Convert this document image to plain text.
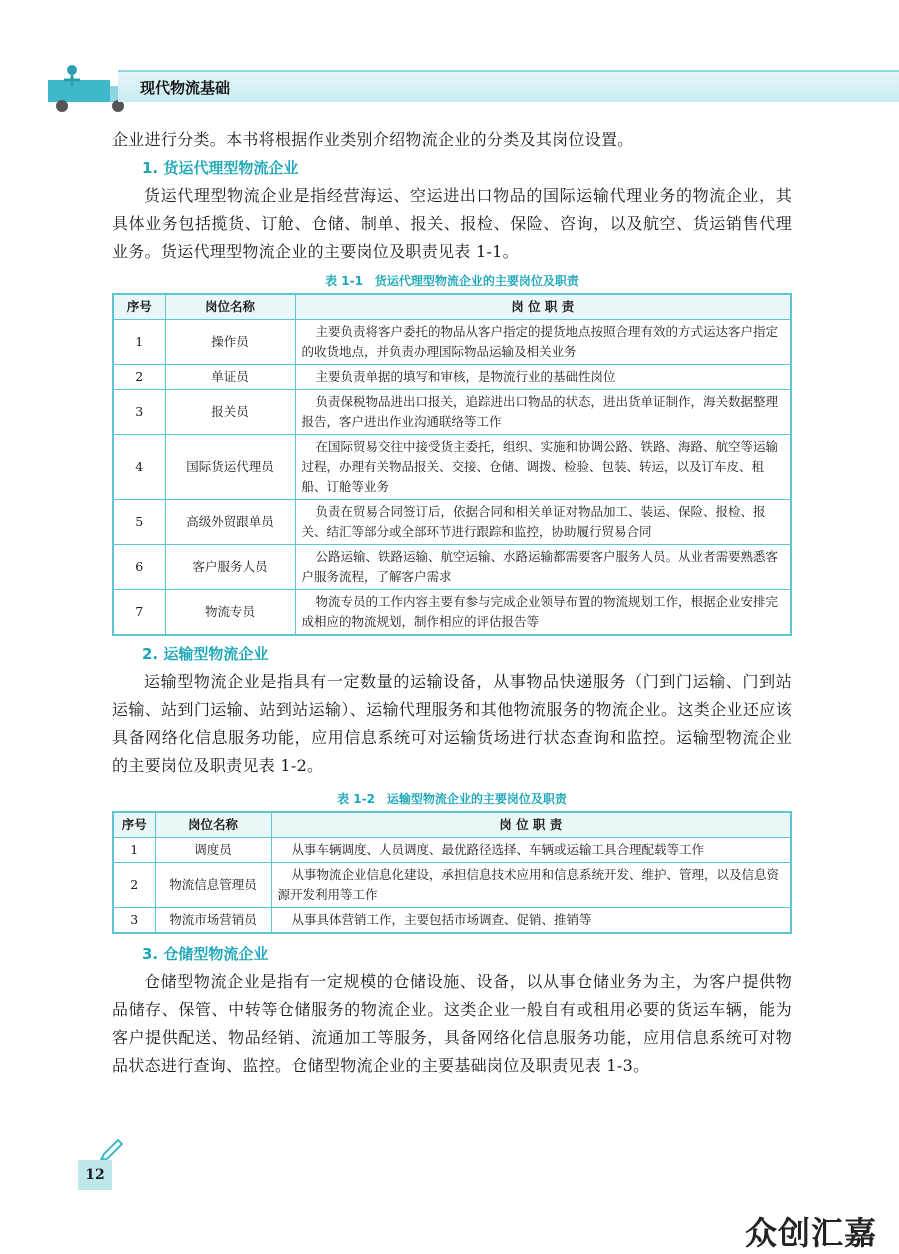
现代物流基础

企业进行分类。本书将根据作业类别介绍物流企业的分类及其岗位设置。

1. 货运代理型物流企业

货运代理型物流企业是指经营海运、空运进出口物品的国际运输代理业务的物流企业，其具体业务包括揽货、订舱、仓储、制单、报关、报检、保险、咨询，以及航空、货运销售代理业务。货运代理型物流企业的主要岗位及职责见表 1-1。

表 1-1　货运代理型物流企业的主要岗位及职责
序号	岗位名称	岗 位 职 责
1	操作员	主要负责将客户委托的物品从客户指定的提货地点按照合理有效的方式运达客户指定的收货地点，并负责办理国际物品运输及相关业务
2	单证员	主要负责单据的填写和审核，是物流行业的基础性岗位
3	报关员	负责保税物品进出口报关，追踪进出口物品的状态，进出货单证制作，海关数据整理报告，客户进出作业沟通联络等工作
4	国际货运代理员	在国际贸易交往中接受货主委托，组织、实施和协调公路、铁路、海路、航空等运输过程，办理有关物品报关、交接、仓储、调拨、检验、包装、转运，以及订车皮、租船、订舱等业务
5	高级外贸跟单员	负责在贸易合同签订后，依据合同和相关单证对物品加工、装运、保险、报检、报关、结汇等部分或全部环节进行跟踪和监控，协助履行贸易合同
6	客户服务人员	公路运输、铁路运输、航空运输、水路运输都需要客户服务人员。从业者需要熟悉客户服务流程，了解客户需求
7	物流专员	物流专员的工作内容主要有参与完成企业领导布置的物流规划工作，根据企业安排完成相应的物流规划，制作相应的评估报告等
2. 运输型物流企业

运输型物流企业是指具有一定数量的运输设备，从事物品快递服务（门到门运输、门到站运输、站到门运输、站到站运输）、运输代理服务和其他物流服务的物流企业。这类企业还应该具备网络化信息服务功能，应用信息系统可对运输货场进行状态查询和监控。运输型物流企业的主要岗位及职责见表 1-2。

表 1-2　运输型物流企业的主要岗位及职责
序号	岗位名称	岗 位 职 责
1	调度员	从事车辆调度、人员调度、最优路径选择、车辆或运输工具合理配载等工作
2	物流信息管理员	从事物流企业信息化建设，承担信息技术应用和信息系统开发、维护、管理，以及信息资源开发利用等工作
3	物流市场营销员	从事具体营销工作，主要包括市场调查、促销、推销等
3. 仓储型物流企业

仓储型物流企业是指有一定规模的仓储设施、设备，以从事仓储业务为主，为客户提供物品储存、保管、中转等仓储服务的物流企业。这类企业一般自有或租用必要的货运车辆，能为客户提供配送、物品经销、流通加工等服务，具备网络化信息服务功能，应用信息系统可对物品状态进行查询、监控。仓储型物流企业的主要基础岗位及职责见表 1-3。

12
众创汇嘉
